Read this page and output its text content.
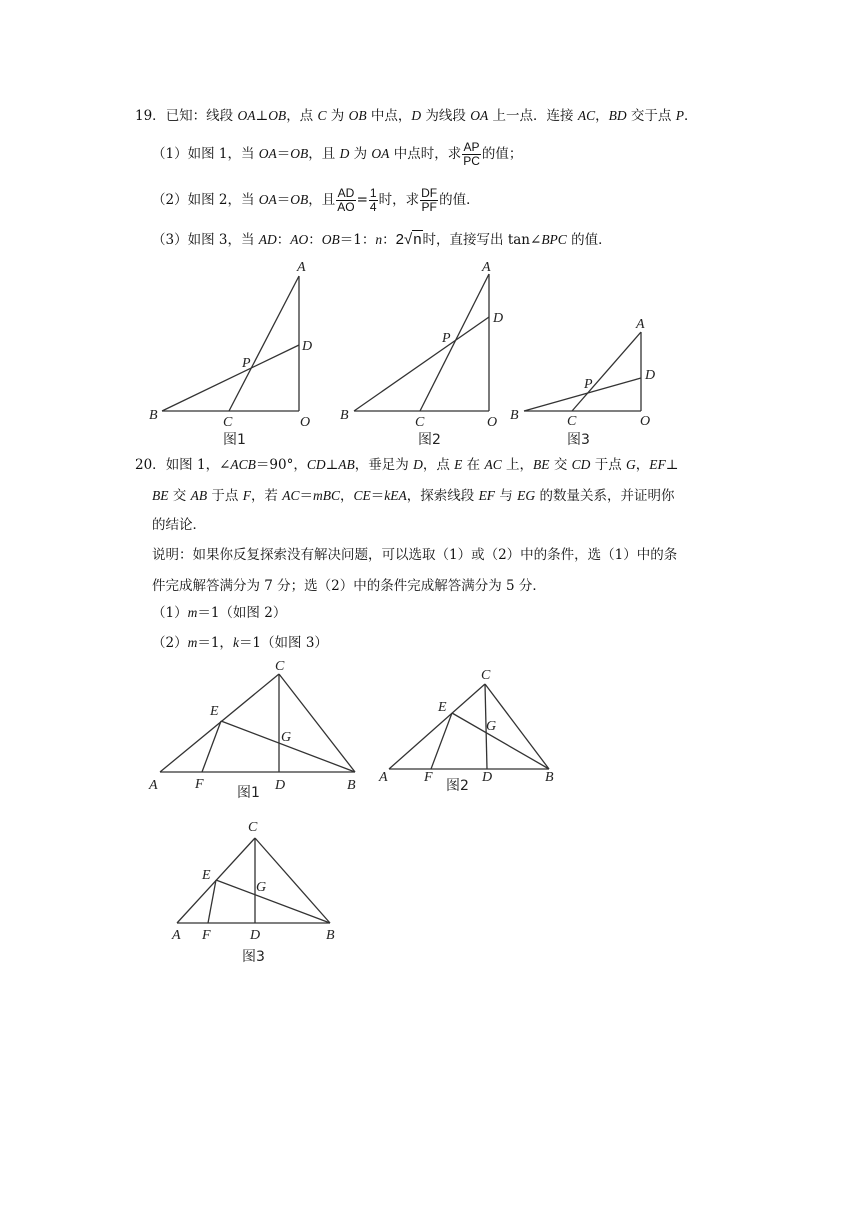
19．已知：线段 OA⊥OB，点 C 为 OB 中点，D 为线段 OA 上一点．连接 AC，BD 交于点 P．
（1）如图 1，当 OA＝OB，且 D 为 OA 中点时，求 $\frac{AP}{PC}$ 的值；
（2）如图 2，当 OA＝OB，且 $\frac{AD}{AO} = \frac{1}{4}$ 时，求 $\frac{DF}{PF}$ 的值．
（3）如图 3，当 AD：AO：OB＝1：n：2√n时，直接写出 tan∠BPC 的值．
A
D
P
B	C	O
图1
A
D
P
B	C	O
图2
A
D
P
B	C	O
图3
20．如图 1，∠ACB＝90°，CD⊥AB，垂足为 D，点 E 在 AC 上，BE 交 CD 于点 G，EF⊥
BE 交 AB 于点 F，若 AC＝mBC，CE＝kEA，探索线段 EF 与 EG 的数量关系，并证明你
的结论．
说明：如果你反复探索没有解决问题，可以选取（1）或（2）中的条件，选（1）中的条
件完成解答满分为 7 分；选（2）中的条件完成解答满分为 5 分．
（1）m＝1（如图 2）
（2）m＝1，k＝1（如图 3）
C
E
G
A	F	D	B
图1
C
E
G
A	F	D	B
图2
C
E
G
A F	D	B
图3
